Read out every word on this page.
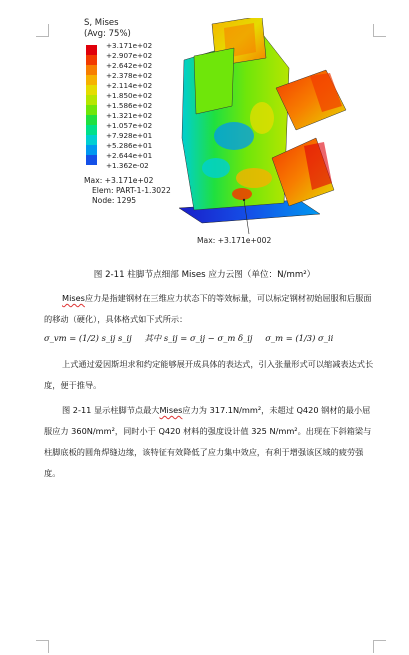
S, Mises
(Avg: 75%)
+3.171e+02
+2.907e+02
+2.642e+02
+2.378e+02
+2.114e+02
+1.850e+02
+1.586e+02
+1.321e+02
+1.057e+02
+7.928e+01
+5.286e+01
+2.644e+01
+1.362e-02
Max: +3.171e+02
Elem: PART-1-1.3022
Node: 1295
Max: +3.171e+002
图 2-11 柱脚节点细部 Mises 应力云图（单位：N/mm²）
Mises应力是指建钢材在三维应力状态下的等效标量，可以标定钢材初始屈服和后服面的移动（硬化），具体格式如下式所示：
σ_vm = (1/2) s_ij s_ij 其中 s_ij = σ_ij − σ_m δ_ij σ_m = (1/3) σ_ii
上式通过爱因斯坦求和约定能够展开成具体的表达式，引入张量形式可以缩减表达式长度，便于推导。
图 2-11 显示柱脚节点最大Mises应力为 317.1N/mm²，未超过 Q420 钢材的最小屈服应力 360N/mm²，同时小于 Q420 材料的强度设计值 325 N/mm²。出现在下斜箱梁与柱脚底板的圆角焊缝边缘，该特征有效降低了应力集中效应，有利于增强该区域的疲劳强度。
